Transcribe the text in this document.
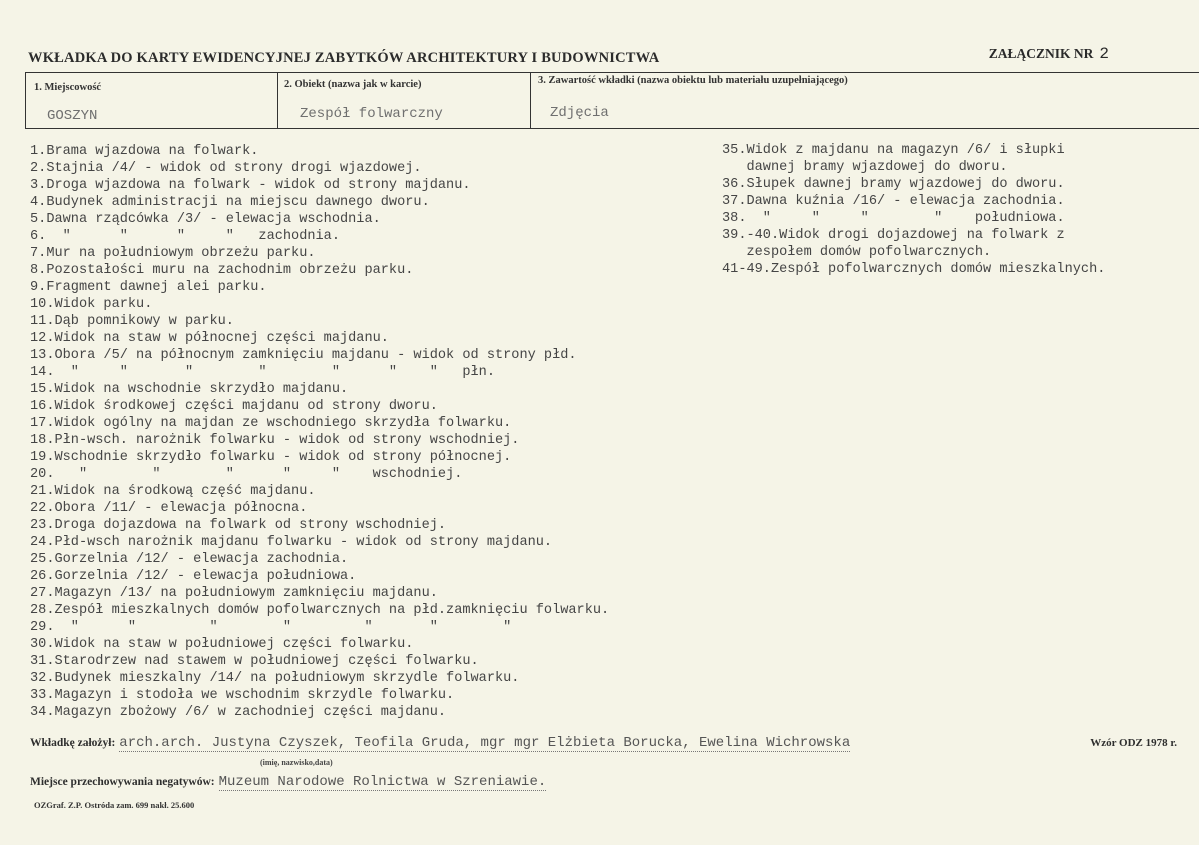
WKŁADKA DO KARTY EWIDENCYJNEJ ZABYTKÓW ARCHITEKTURY I BUDOWNICTWA	ZAŁĄCZNIK NR 2
1. Miejscowość
GOSZYN
2. Obiekt (nazwa jak w karcie)
Zespół folwarczny
3. Zawartość wkładki (nazwa obiektu lub materiału uzupełniającego)
Zdjęcia
1.Brama wjazdowa na folwark.
2.Stajnia /4/ - widok od strony drogi wjazdowej.
3.Droga wjazdowa na folwark - widok od strony majdanu.
4.Budynek administracji na miejscu dawnego dworu.
5.Dawna rządcówka /3/ - elewacja wschodnia.
6.  "      "      "     "   zachodnia.
7.Mur na południowym obrzeżu parku.
8.Pozostałości muru na zachodnim obrzeżu parku.
9.Fragment dawnej alei parku.
10.Widok parku.
11.Dąb pomnikowy w parku.
12.Widok na staw w północnej części majdanu.
13.Obora /5/ na północnym zamknięciu majdanu - widok od strony płd.
14.  "     "       "        "        "      "    "   płn.
15.Widok na wschodnie skrzydło majdanu.
16.Widok środkowej części majdanu od strony dworu.
17.Widok ogólny na majdan ze wschodniego skrzydła folwarku.
18.Płn-wsch. narożnik folwarku - widok od strony wschodniej.
19.Wschodnie skrzydło folwarku - widok od strony północnej.
20.   "        "        "      "     "    wschodniej.
21.Widok na środkową część majdanu.
22.Obora /11/ - elewacja północna.
23.Droga dojazdowa na folwark od strony wschodniej.
24.Płd-wsch narożnik majdanu folwarku - widok od strony majdanu.
25.Gorzelnia /12/ - elewacja zachodnia.
26.Gorzelnia /12/ - elewacja południowa.
27.Magazyn /13/ na południowym zamknięciu majdanu.
28.Zespół mieszkalnych domów pofolwarcznych na płd.zamknięciu folwarku.
29.  "      "         "        "         "       "        "
30.Widok na staw w południowej części folwarku.
31.Starodrzew nad stawem w południowej części folwarku.
32.Budynek mieszkalny /14/ na południowym skrzydle folwarku.
33.Magazyn i stodoła we wschodnim skrzydle folwarku.
34.Magazyn zbożowy /6/ w zachodniej części majdanu.
35.Widok z majdanu na magazyn /6/ i słupki
dawnej bramy wjazdowej do dworu.
36.Słupek dawnej bramy wjazdowej do dworu.
37.Dawna kuźnia /16/ - elewacja zachodnia.
38.  "     "     "        "    południowa.
39.-40.Widok drogi dojazdowej na folwark z
zespołem domów pofolwarcznych.
41-49.Zespół pofolwarcznych domów mieszkalnych.
Wkładkę założył: arch.arch. Justyna Czyszek, Teofila Gruda, mgr mgr Elżbieta Borucka, Ewelina Wichrowska
(imię, nazwisko,data)
Wzór ODZ 1978 r.
Miejsce przechowywania negatywów: Muzeum Narodowe Rolnictwa w Szreniawie.
OZGraf. Z.P. Ostróda zam. 699 nakł. 25.600
